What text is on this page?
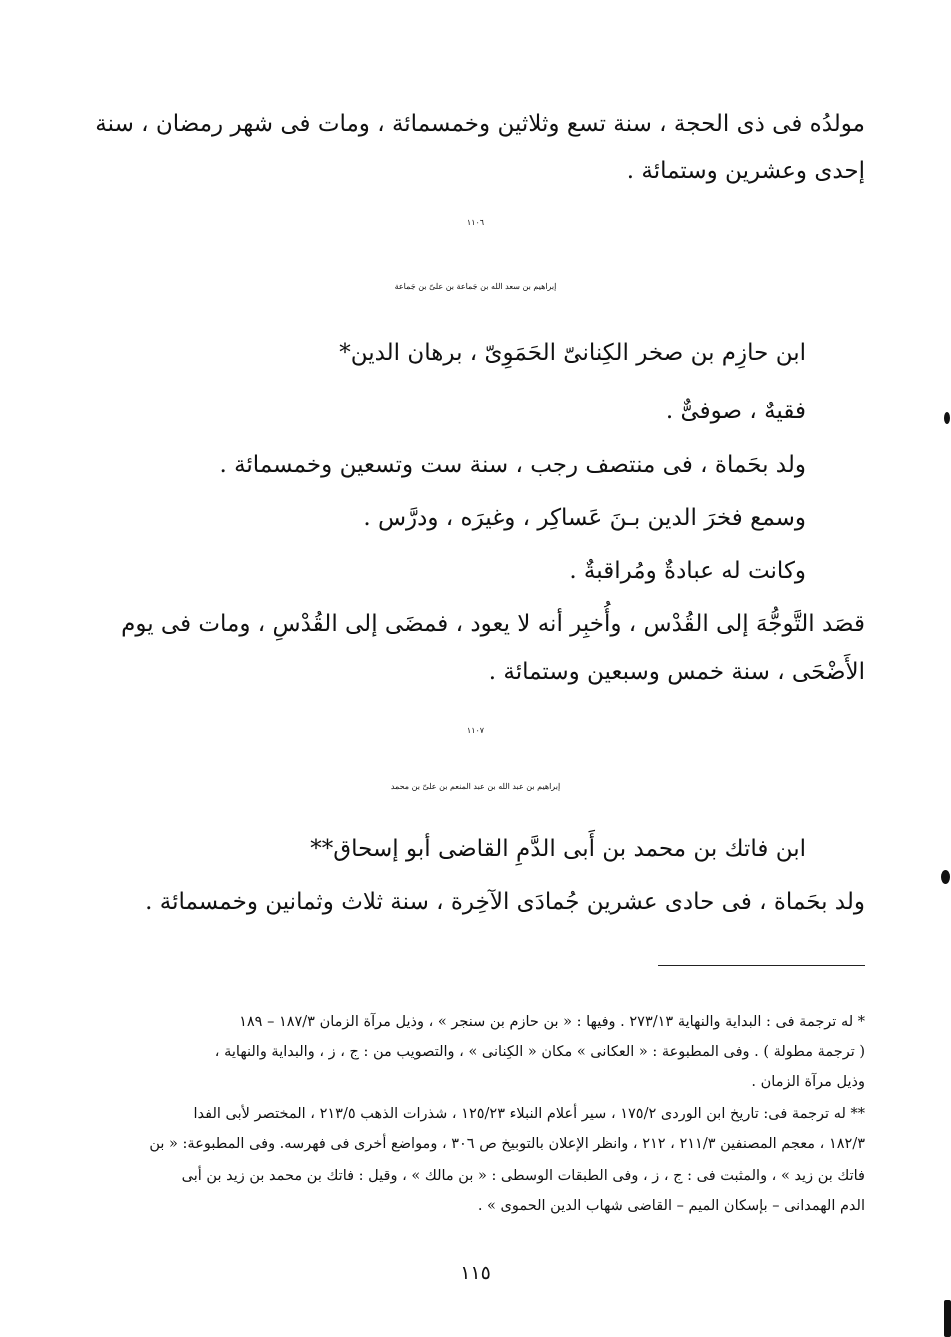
مولدُه فى ذى الحجة ، سنة تسع وثلاثين وخمسمائة ، ومات فى شهر رمضان ، سنة
إحدى وعشرين وستمائة .
١١٠٦
إبراهيم بن سعد الله بن جَماعة بن علىّ بن جَماعة
ابن حازِم بن صخر الكِنانىّ الحَمَوِىّ ، برهان الدين*
فقيهٌ ، صوفىٌّ .
ولد بحَماة ، فى منتصف رجب ، سنة ست وتسعين وخمسمائة .
وسمع فخرَ الدين بـنَ عَساكِر ، وغيرَه ، ودرَّس .
وكانت له عبادةٌ ومُراقبةٌ .
قصَد التَّوجُّهَ إلى القُدْس ، وأُخبِر أنه لا يعود ، فمضَى إلى القُدْسِ ، ومات فى يوم
الأَضْحَى ، سنة خمس وسبعين وستمائة .
١١٠٧
إبراهيم بن عبد الله بن عبد المنعم بن علىّ بن محمد
ابن فاتك بن محمد بن أَبى الدَّمِ القاضى أبو إسحاق**
ولد بحَماة ، فى حادى عشرين جُمادَى الآخِرة ، سنة ثلاث وثمانين وخمسمائة .
* له ترجمة فى : البداية والنهاية ٢٧٣/١٣ . وفيها : « بن حازم بن سنجر » ، وذيل مرآة الزمان ١٨٧/٣ – ١٨٩
( ترجمة مطولة ) . وفى المطبوعة : « العكانى » مكان « الكِنانى » ، والتصويب من : ج ، ز ، والبداية والنهاية ،
وذيل مرآة الزمان .
** له ترجمة فى: تاريخ ابن الوردى ١٧٥/٢ ، سير أعلام النبلاء ١٢٥/٢٣ ، شذرات الذهب ٢١٣/٥ ، المختصر لأبى الفدا
١٨٢/٣ ، معجم المصنفين ٢١١/٣ ، ٢١٢ ، وانظر الإعلان بالتوبيخ ص ٣٠٦ ، ومواضع أخرى فى فهرسه. وفى المطبوعة: « بن
فاتك بن زيد » ، والمثبت فى : ج ، ز ، وفى الطبقات الوسطى : « بن مالك » ، وقيل : فاتك بن محمد بن زيد بن أبى
الدم الهمدانى – بإسكان الميم – القاضى شهاب الدين الحموى » .
١١٥
